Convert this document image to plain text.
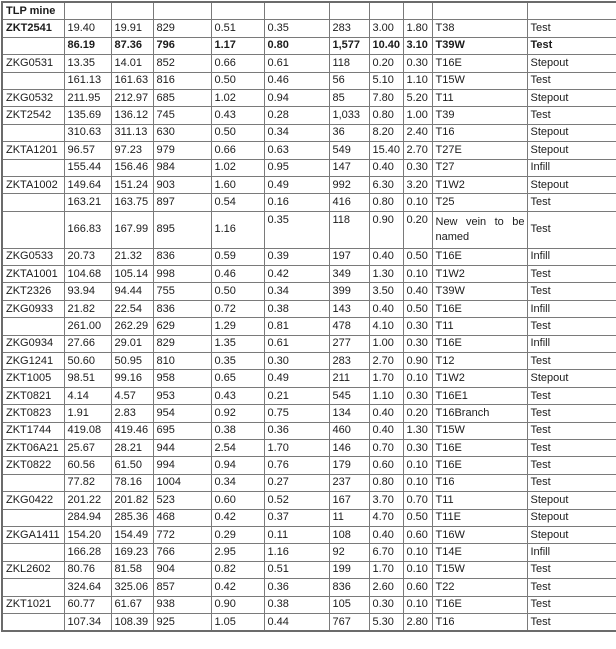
TLP mine										
ZKT2541	19.40	19.91	829	0.51	0.35	283	3.00	1.80	T38	Test
	86.19	87.36	796	1.17	0.80	1,577	10.40	3.10	T39W	Test
ZKG0531	13.35	14.01	852	0.66	0.61	118	0.20	0.30	T16E	Stepout
	161.13	161.63	816	0.50	0.46	56	5.10	1.10	T15W	Test
ZKG0532	211.95	212.97	685	1.02	0.94	85	7.80	5.20	T11	Stepout
ZKT2542	135.69	136.12	745	0.43	0.28	1,033	0.80	1.00	T39	Test
	310.63	311.13	630	0.50	0.34	36	8.20	2.40	T16	Stepout
ZKTA1201	96.57	97.23	979	0.66	0.63	549	15.40	2.70	T27E	Stepout
	155.44	156.46	984	1.02	0.95	147	0.40	0.30	T27	Infill
ZKTA1002	149.64	151.24	903	1.60	0.49	992	6.30	3.20	T1W2	Stepout
	163.21	163.75	897	0.54	0.16	416	0.80	0.10	T25	Test
	166.83	167.99	895	1.16	0.35	118	0.90	0.20	New vein to be named	Test
ZKG0533	20.73	21.32	836	0.59	0.39	197	0.40	0.50	T16E	Infill
ZKTA1001	104.68	105.14	998	0.46	0.42	349	1.30	0.10	T1W2	Test
ZKT2326	93.94	94.44	755	0.50	0.34	399	3.50	0.40	T39W	Test
ZKG0933	21.82	22.54	836	0.72	0.38	143	0.40	0.50	T16E	Infill
	261.00	262.29	629	1.29	0.81	478	4.10	0.30	T11	Test
ZKG0934	27.66	29.01	829	1.35	0.61	277	1.00	0.30	T16E	Infill
ZKG1241	50.60	50.95	810	0.35	0.30	283	2.70	0.90	T12	Test
ZKT1005	98.51	99.16	958	0.65	0.49	211	1.70	0.10	T1W2	Stepout
ZKT0821	4.14	4.57	953	0.43	0.21	545	1.10	0.30	T16E1	Test
ZKT0823	1.91	2.83	954	0.92	0.75	134	0.40	0.20	T16Branch	Test
ZKT1744	419.08	419.46	695	0.38	0.36	460	0.40	1.30	T15W	Test
ZKT06A21	25.67	28.21	944	2.54	1.70	146	0.70	0.30	T16E	Test
ZKT0822	60.56	61.50	994	0.94	0.76	179	0.60	0.10	T16E	Test
	77.82	78.16	1004	0.34	0.27	237	0.80	0.10	T16	Test
ZKG0422	201.22	201.82	523	0.60	0.52	167	3.70	0.70	T11	Stepout
	284.94	285.36	468	0.42	0.37	11	4.70	0.50	T11E	Stepout
ZKGA1411	154.20	154.49	772	0.29	0.11	108	0.40	0.60	T16W	Stepout
	166.28	169.23	766	2.95	1.16	92	6.70	0.10	T14E	Infill
ZKL2602	80.76	81.58	904	0.82	0.51	199	1.70	0.10	T15W	Test
	324.64	325.06	857	0.42	0.36	836	2.60	0.60	T22	Test
ZKT1021	60.77	61.67	938	0.90	0.38	105	0.30	0.10	T16E	Test
	107.34	108.39	925	1.05	0.44	767	5.30	2.80	T16	Test
